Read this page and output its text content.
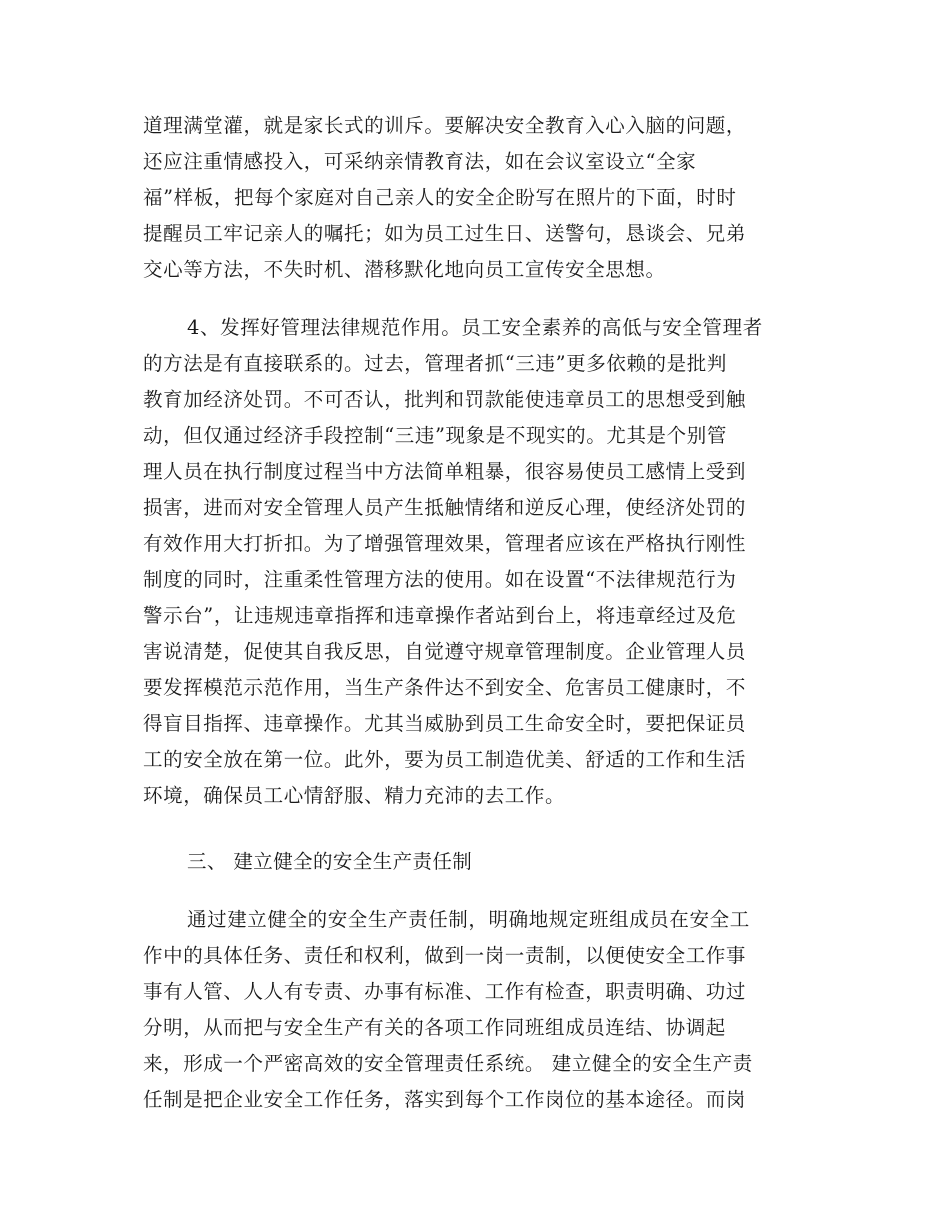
道理满堂灌，就是家长式的训斥。要解决安全教育入心入脑的问题，
还应注重情感投入，可采纳亲情教育法，如在会议室设立“全家
福”样板，把每个家庭对自己亲人的安全企盼写在照片的下面，时时
提醒员工牢记亲人的嘱托；如为员工过生日、送警句，恳谈会、兄弟
交心等方法，不失时机、潜移默化地向员工宣传安全思想。
4、发挥好管理法律规范作用。员工安全素养的高低与安全管理者
的方法是有直接联系的。过去，管理者抓“三违”更多依赖的是批判
教育加经济处罚。不可否认，批判和罚款能使违章员工的思想受到触
动，但仅通过经济手段控制“三违”现象是不现实的。尤其是个别管
理人员在执行制度过程当中方法简单粗暴，很容易使员工感情上受到
损害，进而对安全管理人员产生抵触情绪和逆反心理，使经济处罚的
有效作用大打折扣。为了增强管理效果，管理者应该在严格执行刚性
制度的同时，注重柔性管理方法的使用。如在设置“不法律规范行为
警示台”，让违规违章指挥和违章操作者站到台上，将违章经过及危
害说清楚，促使其自我反思，自觉遵守规章管理制度。企业管理人员
要发挥模范示范作用，当生产条件达不到安全、危害员工健康时，不
得盲目指挥、违章操作。尤其当威胁到员工生命安全时，要把保证员
工的安全放在第一位。此外，要为员工制造优美、舒适的工作和生活
环境，确保员工心情舒服、精力充沛的去工作。
三、 建立健全的安全生产责任制
通过建立健全的安全生产责任制，明确地规定班组成员在安全工
作中的具体任务、责任和权利，做到一岗一责制，以便使安全工作事
事有人管、人人有专责、办事有标准、工作有检查，职责明确、功过
分明，从而把与安全生产有关的各项工作同班组成员连结、协调起
来，形成一个严密高效的安全管理责任系统。 建立健全的安全生产责
任制是把企业安全工作任务，落实到每个工作岗位的基本途径。而岗
